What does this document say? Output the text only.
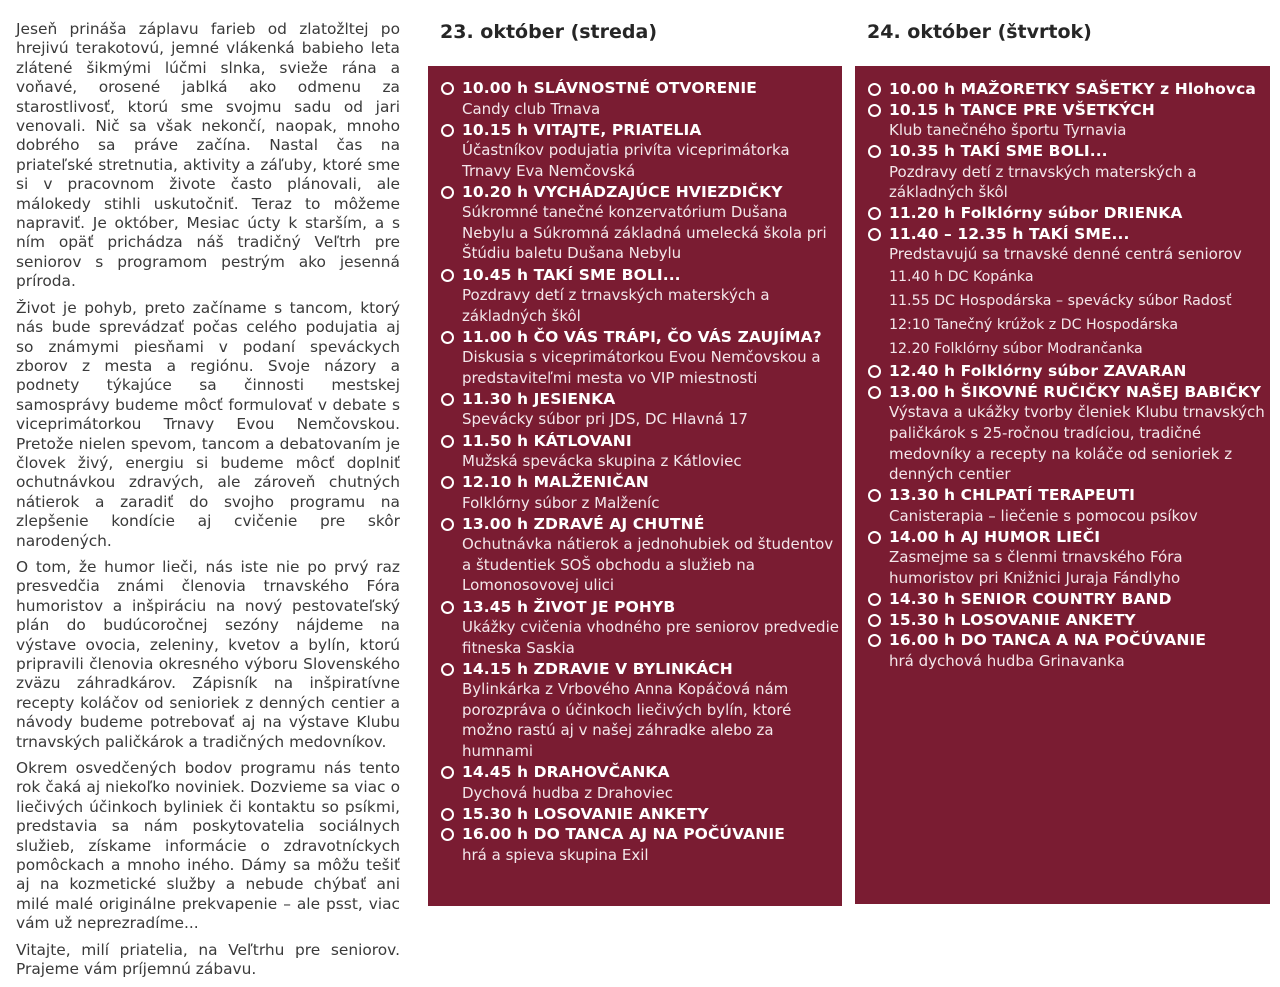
Jeseň prináša záplavu farieb od zlatožltej po hrejivú terakotovú, jemné vlákenká babieho leta zlátené šikmými lúčmi slnka, svieže rána a voňavé, orosené jablká ako odmenu za starostlivosť, ktorú sme svojmu sadu od jari venovali. Nič sa však nekončí, naopak, mnoho dobrého sa práve začína. Nastal čas na priateľské stretnutia, aktivity a záľuby, ktoré sme si v pracovnom živote často plánovali, ale málokedy stihli uskutočniť. Teraz to môžeme napraviť. Je október, Mesiac úcty k starším, a s ním opäť prichádza náš tradičný Veľtrh pre seniorov s programom pestrým ako jesenná príroda.

Život je pohyb, preto začíname s tancom, ktorý nás bude sprevádzať počas celého podujatia aj so známymi piesňami v podaní speváckych zborov z mesta a regiónu. Svoje názory a podnety týkajúce sa činnosti mestskej samosprávy budeme môcť formulovať v debate s viceprimátorkou Trnavy Evou Nemčovskou. Pretože nielen spevom, tancom a debatovaním je človek živý, energiu si budeme môcť doplniť ochutnávkou zdravých, ale zároveň chutných nátierok a zaradiť do svojho programu na zlepšenie kondície aj cvičenie pre skôr narodených.

O tom, že humor lieči, nás iste nie po prvý raz presvedčia známi členovia trnavského Fóra humoristov a inšpiráciu na nový pestovateľský plán do budúcoročnej sezóny nájdeme na výstave ovocia, zeleniny, kvetov a bylín, ktorú pripravili členovia okresného výboru Slovenského zväzu záhradkárov. Zápisník na inšpiratívne recepty koláčov od senioriek z denných centier a návody budeme potrebovať aj na výstave Klubu trnavských paličkárok a tradičných medovníkov.

Okrem osvedčených bodov programu nás tento rok čaká aj niekoľko noviniek. Dozvieme sa viac o liečivých účinkoch byliniek či kontaktu so psíkmi, predstavia sa nám poskytovatelia sociálnych služieb, získame informácie o zdravotníckych pomôckach a mnoho iného. Dámy sa môžu tešiť aj na kozmetické služby a nebude chýbať ani milé malé originálne prekvapenie – ale psst, viac vám už neprezradíme...

Vitajte, milí priatelia, na Veľtrhu pre seniorov. Prajeme vám príjemnú zábavu.

23. október (streda)
10.00 h SLÁVNOSTNÉ OTVORENIE
Candy club Trnava
10.15 h VITAJTE, PRIATELIA
Účastníkov podujatia privíta viceprimátorka Trnavy Eva Nemčovská
10.20 h VYCHÁDZAJÚCE HVIEZDIČKY
Súkromné tanečné konzervatórium Dušana Nebylu a Súkromná základná umelecká škola pri Štúdiu baletu Dušana Nebylu
10.45 h TAKÍ SME BOLI...
Pozdravy detí z trnavských materských a základných škôl
11.00 h ČO VÁS TRÁPI, ČO VÁS ZAUJÍMA?
Diskusia s viceprimátorkou Evou Nemčovskou a predstaviteľmi mesta vo VIP miestnosti
11.30 h JESIENKA
Spevácky súbor pri JDS, DC Hlavná 17
11.50 h KÁTLOVANI
Mužská spevácka skupina z Kátloviec
12.10 h MALŽENIČAN
Folklórny súbor z Malženíc
13.00 h ZDRAVÉ AJ CHUTNÉ
Ochutnávka nátierok a jednohubiek od študentov a študentiek SOŠ obchodu a služieb na Lomonosovovej ulici
13.45 h ŽIVOT JE POHYB
Ukážky cvičenia vhodného pre seniorov predvedie fitneska Saskia
14.15 h ZDRAVIE V BYLINKÁCH
Bylinkárka z Vrbového Anna Kopáčová nám porozpráva o účinkoch liečivých bylín, ktoré možno rastú aj v našej záhradke alebo za humnami
14.45 h DRAHOVČANKA
Dychová hudba z Drahoviec
15.30 h LOSOVANIE ANKETY
16.00 h DO TANCA AJ NA POČÚVANIE
hrá a spieva skupina Exil
24. október (štvrtok)
10.00 h MAŽORETKY SAŠETKY z Hlohovca
10.15 h TANCE PRE VŠETKÝCH
Klub tanečného športu Tyrnavia
10.35 h TAKÍ SME BOLI...
Pozdravy detí z trnavských materských a základných škôl
11.20 h Folklórny súbor DRIENKA
11.40 – 12.35 h TAKÍ SME...
Predstavujú sa trnavské denné centrá seniorov
11.40 h DC Kopánka
11.55 DC Hospodárska – spevácky súbor Radosť
12:10 Tanečný krúžok z DC Hospodárska
12.20 Folklórny súbor Modrančanka
12.40 h Folklórny súbor ZAVARAN
13.00 h ŠIKOVNÉ RUČIČKY NAŠEJ BABIČKY
Výstava a ukážky tvorby členiek Klubu trnavských paličkárok s 25-ročnou tradíciou, tradičné medovníky a recepty na koláče od senioriek z denných centier
13.30 h CHLPATÍ TERAPEUTI
Canisterapia – liečenie s pomocou psíkov
14.00 h AJ HUMOR LIEČI
Zasmejme sa s členmi trnavského Fóra humoristov pri Knižnici Juraja Fándlyho
14.30 h SENIOR COUNTRY BAND
15.30 h LOSOVANIE ANKETY
16.00 h DO TANCA A NA POČÚVANIE
hrá dychová hudba Grinavanka
